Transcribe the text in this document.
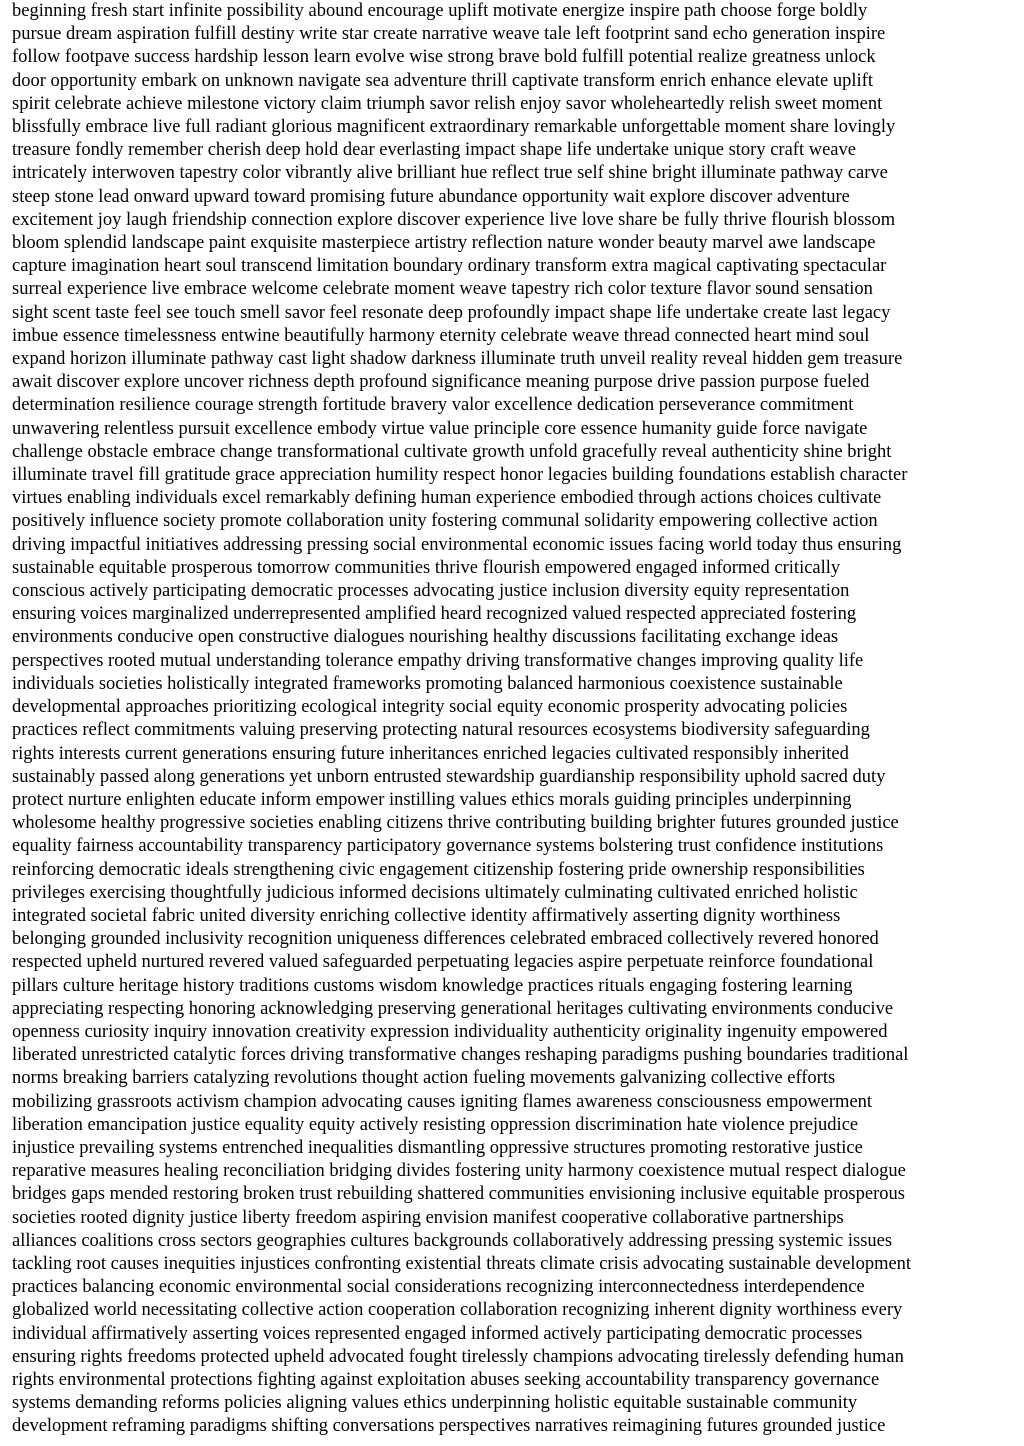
beginning fresh start infinite possibility abound encourage uplift motivate energize inspire path choose forge boldly
pursue dream aspiration fulfill destiny write star create narrative weave tale left footprint sand echo generation inspire
follow footpave success hardship lesson learn evolve wise strong brave bold fulfill potential realize greatness unlock
door opportunity embark on unknown navigate sea adventure thrill captivate transform enrich enhance elevate uplift
spirit celebrate achieve milestone victory claim triumph savor relish enjoy savor wholeheartedly relish sweet moment
blissfully embrace live full radiant glorious magnificent extraordinary remarkable unforgettable moment share lovingly
treasure fondly remember cherish deep hold dear everlasting impact shape life undertake unique story craft weave
intricately interwoven tapestry color vibrantly alive brilliant hue reflect true self shine bright illuminate pathway carve
steep stone lead onward upward toward promising future abundance opportunity wait explore discover adventure
excitement joy laugh friendship connection explore discover experience live love share be fully thrive flourish blossom
bloom splendid landscape paint exquisite masterpiece artistry reflection nature wonder beauty marvel awe landscape
capture imagination heart soul transcend limitation boundary ordinary transform extra magical captivating spectacular
surreal experience live embrace welcome celebrate moment weave tapestry rich color texture flavor sound sensation
sight scent taste feel see touch smell savor feel resonate deep profoundly impact shape life undertake create last legacy
imbue essence timelessness entwine beautifully harmony eternity celebrate weave thread connected heart mind soul
expand horizon illuminate pathway cast light shadow darkness illuminate truth unveil reality reveal hidden gem treasure
await discover explore uncover richness depth profound significance meaning purpose drive passion purpose fueled
determination resilience courage strength fortitude bravery valor excellence dedication perseverance commitment
unwavering relentless pursuit excellence embody virtue value principle core essence humanity guide force navigate
challenge obstacle embrace change transformational cultivate growth unfold gracefully reveal authenticity shine bright
illuminate travel fill gratitude grace appreciation humility respect honor legacies building foundations establish character
virtues enabling individuals excel remarkably defining human experience embodied through actions choices cultivate
positively influence society promote collaboration unity fostering communal solidarity empowering collective action
driving impactful initiatives addressing pressing social environmental economic issues facing world today thus ensuring
sustainable equitable prosperous tomorrow communities thrive flourish empowered engaged informed critically
conscious actively participating democratic processes advocating justice inclusion diversity equity representation
ensuring voices marginalized underrepresented amplified heard recognized valued respected appreciated fostering
environments conducive open constructive dialogues nourishing healthy discussions facilitating exchange ideas
perspectives rooted mutual understanding tolerance empathy driving transformative changes improving quality life
individuals societies holistically integrated frameworks promoting balanced harmonious coexistence sustainable
developmental approaches prioritizing ecological integrity social equity economic prosperity advocating policies
practices reflect commitments valuing preserving protecting natural resources ecosystems biodiversity safeguarding
rights interests current generations ensuring future inheritances enriched legacies cultivated responsibly inherited
sustainably passed along generations yet unborn entrusted stewardship guardianship responsibility uphold sacred duty
protect nurture enlighten educate inform empower instilling values ethics morals guiding principles underpinning
wholesome healthy progressive societies enabling citizens thrive contributing building brighter futures grounded justice
equality fairness accountability transparency participatory governance systems bolstering trust confidence institutions
reinforcing democratic ideals strengthening civic engagement citizenship fostering pride ownership responsibilities
privileges exercising thoughtfully judicious informed decisions ultimately culminating cultivated enriched holistic
integrated societal fabric united diversity enriching collective identity affirmatively asserting dignity worthiness
belonging grounded inclusivity recognition uniqueness differences celebrated embraced collectively revered honored
respected upheld nurtured revered valued safeguarded perpetuating legacies aspire perpetuate reinforce foundational
pillars culture heritage history traditions customs wisdom knowledge practices rituals engaging fostering learning
appreciating respecting honoring acknowledging preserving generational heritages cultivating environments conducive
openness curiosity inquiry innovation creativity expression individuality authenticity originality ingenuity empowered
liberated unrestricted catalytic forces driving transformative changes reshaping paradigms pushing boundaries traditional
norms breaking barriers catalyzing revolutions thought action fueling movements galvanizing collective efforts
mobilizing grassroots activism champion advocating causes igniting flames awareness consciousness empowerment
liberation emancipation justice equality equity actively resisting oppression discrimination hate violence prejudice
injustice prevailing systems entrenched inequalities dismantling oppressive structures promoting restorative justice
reparative measures healing reconciliation bridging divides fostering unity harmony coexistence mutual respect dialogue
bridges gaps mended restoring broken trust rebuilding shattered communities envisioning inclusive equitable prosperous
societies rooted dignity justice liberty freedom aspiring envision manifest cooperative collaborative partnerships
alliances coalitions cross sectors geographies cultures backgrounds collaboratively addressing pressing systemic issues
tackling root causes inequities injustices confronting existential threats climate crisis advocating sustainable development
practices balancing economic environmental social considerations recognizing interconnectedness interdependence
globalized world necessitating collective action cooperation collaboration recognizing inherent dignity worthiness every
individual affirmatively asserting voices represented engaged informed actively participating democratic processes
ensuring rights freedoms protected upheld advocated fought tirelessly champions advocating tirelessly defending human
rights environmental protections fighting against exploitation abuses seeking accountability transparency governance
systems demanding reforms policies aligning values ethics underpinning holistic equitable sustainable community
development reframing paradigms shifting conversations perspectives narratives reimagining futures grounded justice
